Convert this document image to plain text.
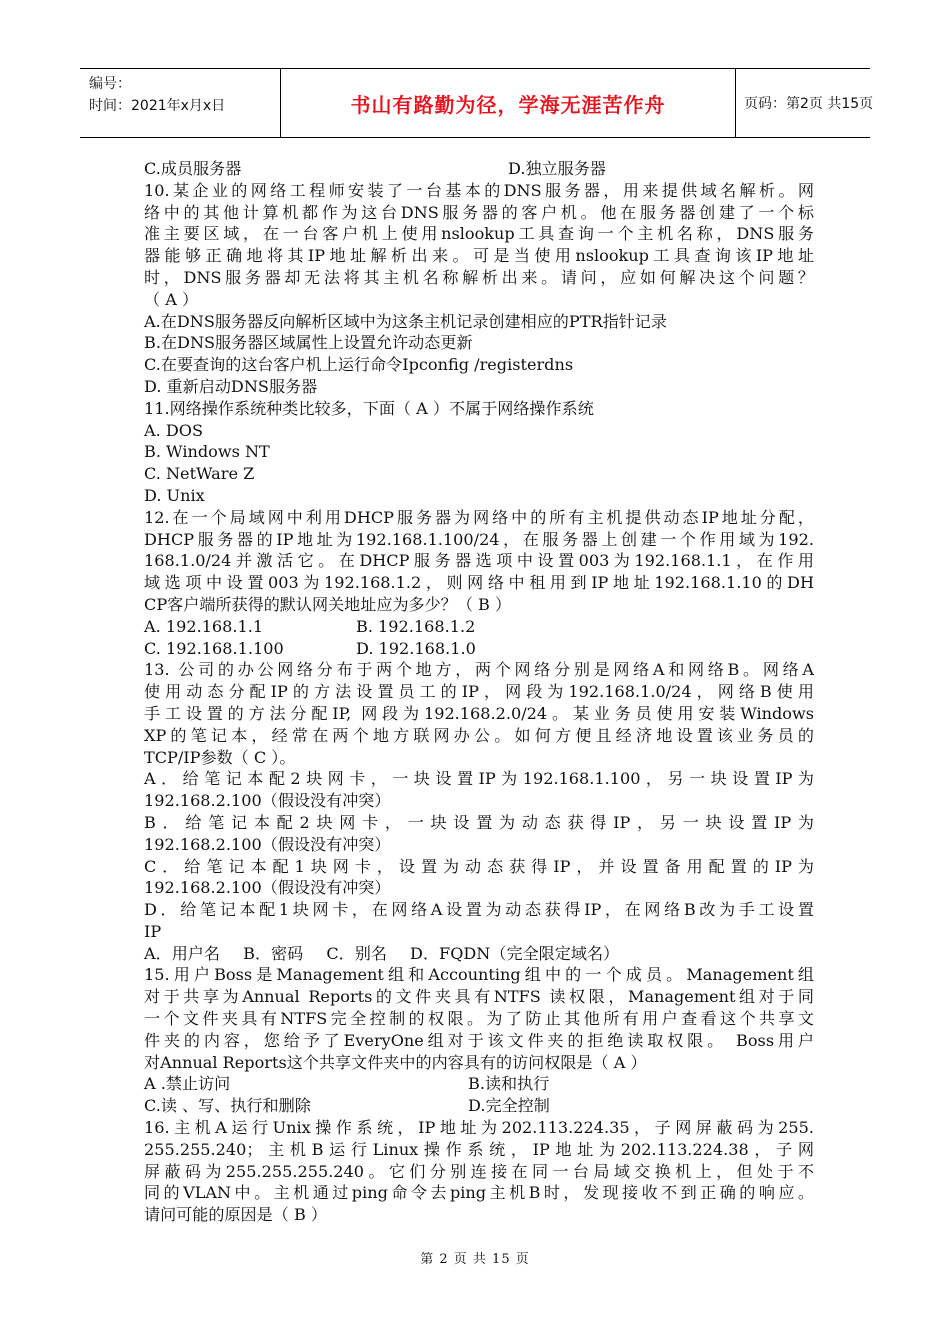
编号：
时间：2021年x月x日	书山有路勤为径，学海无涯苦作舟	页码：第2页 共15页
C.成员服务器	D.独立服务器
10.某企业的网络工程师安装了一台基本的DNS服务器，用来提供域名解析。网
络中的其他计算机都作为这台DNS服务器的客户机。他在服务器创建了一个标
准主要区域，在一台客户机上使用nslookup工具查询一个主机名称，DNS服务
器能够正确地将其IP地址解析出来。可是当使用nslookup工具查询该IP地址
时，DNS服务器却无法将其主机名称解析出来。请问，应如何解决这个问题？
（ A ）
A.在DNS服务器反向解析区域中为这条主机记录创建相应的PTR指针记录
B.在DNS服务器区域属性上设置允许动态更新
C.在要查询的这台客户机上运行命令Ipconfig /registerdns
D. 重新启动DNS服务器
11.网络操作系统种类比较多，下面（ A ）不属于网络操作系统
A. DOS
B. Windows NT
C. NetWare Z
D. Unix
12.在一个局域网中利用DHCP服务器为网络中的所有主机提供动态IP地址分配，
DHCP服务器的IP地址为192.168.1.100/24，在服务器上创建一个作用域为192.
168.1.0/24并激活它。在DHCP服务器选项中设置003为192.168.1.1，在作用
域选项中设置003为192.168.1.2，则网络中租用到IP地址192.168.1.10的DH
CP客户端所获得的默认网关地址应为多少？（ B ）
A. 192.168.1.1	B. 192.168.1.2
C. 192.168.1.100	D. 192.168.1.0
13. 公司的办公网络分布于两个地方，两个网络分别是网络A和网络B。网络A
使用动态分配IP的方法设置员工的IP，网段为192.168.1.0/24，网络B使用
手工设置的方法分配IP, 网段为192.168.2.0/24。某业务员使用安装Windows
XP的笔记本，经常在两个地方联网办公。如何方便且经济地设置该业务员的
TCP/IP参数（ C ）。
A．给笔记本配2块网卡，一块设置IP为192.168.1.100，另一块设置IP为
192.168.2.100（假设没有冲突）
B．给笔记本配2块网卡，一块设置为动态获得IP，另一块设置IP为
192.168.2.100（假设没有冲突）
C．给笔记本配1块网卡，设置为动态获得IP，并设置备用配置的IP为
192.168.2.100（假设没有冲突）
D．给笔记本配1块网卡，在网络A设置为动态获得IP，在网络B改为手工设置
IP
A．用户名 B．密码 C．别名 D．FQDN（完全限定域名）
15.用户Boss是Management组和Accounting组中的一个成员。Management组
对于共享为Annual Reports的文件夹具有NTFS 读权限，Management组对于同
一个文件夹具有NTFS完全控制的权限。为了防止其他所有用户查看这个共享文
件夹的内容，您给予了EveryOne组对于该文件夹的拒绝读取权限。 Boss用户
对Annual Reports这个共享文件夹中的内容具有的访问权限是（ A ）
A .禁止访问	B.读和执行
C.读 、写、执行和删除	D.完全控制
16.主机A运行Unix操作系统，IP地址为202.113.224.35，子网屏蔽码为255.
255.255.240；主机B运行Linux操作系统，IP地址为202.113.224.38，子网
屏蔽码为255.255.255.240。它们分别连接在同一台局域交换机上，但处于不
同的VLAN中。主机通过ping命令去ping主机B时，发现接收不到正确的响应。
请问可能的原因是（ B ）
第 2 页 共 15 页
